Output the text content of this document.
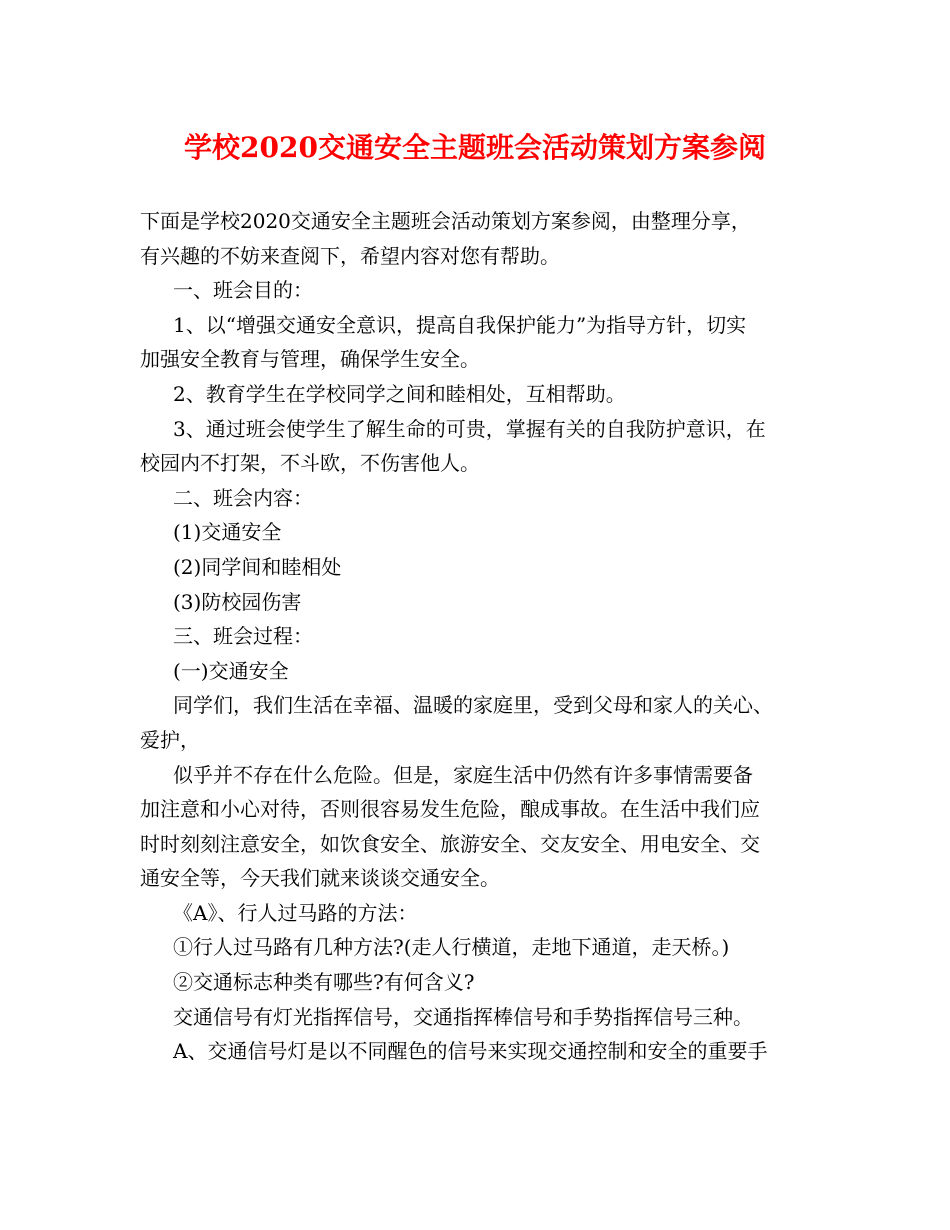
学校2020交通安全主题班会活动策划方案参阅

下面是学校2020交通安全主题班会活动策划方案参阅，由整理分享，

有兴趣的不妨来查阅下，希望内容对您有帮助。

一、班会目的：

1、以“增强交通安全意识，提高自我保护能力”为指导方针，切实

加强安全教育与管理，确保学生安全。

2、教育学生在学校同学之间和睦相处，互相帮助。

3、通过班会使学生了解生命的可贵，掌握有关的自我防护意识，在

校园内不打架，不斗欧，不伤害他人。

二、班会内容：

(1)交通安全

(2)同学间和睦相处

(3)防校园伤害

三、班会过程：

(一)交通安全

同学们，我们生活在幸福、温暖的家庭里，受到父母和家人的关心、

爱护，

似乎并不存在什么危险。但是，家庭生活中仍然有许多事情需要备

加注意和小心对待，否则很容易发生危险，酿成事故。在生活中我们应

时时刻刻注意安全，如饮食安全、旅游安全、交友安全、用电安全、交

通安全等，今天我们就来谈谈交通安全。

《A》、行人过马路的方法：

①行人过马路有几种方法?(走人行横道，走地下通道，走天桥。)

②交通标志种类有哪些?有何含义?

交通信号有灯光指挥信号，交通指挥棒信号和手势指挥信号三种。

A、交通信号灯是以不同醒色的信号来实现交通控制和安全的重要手
